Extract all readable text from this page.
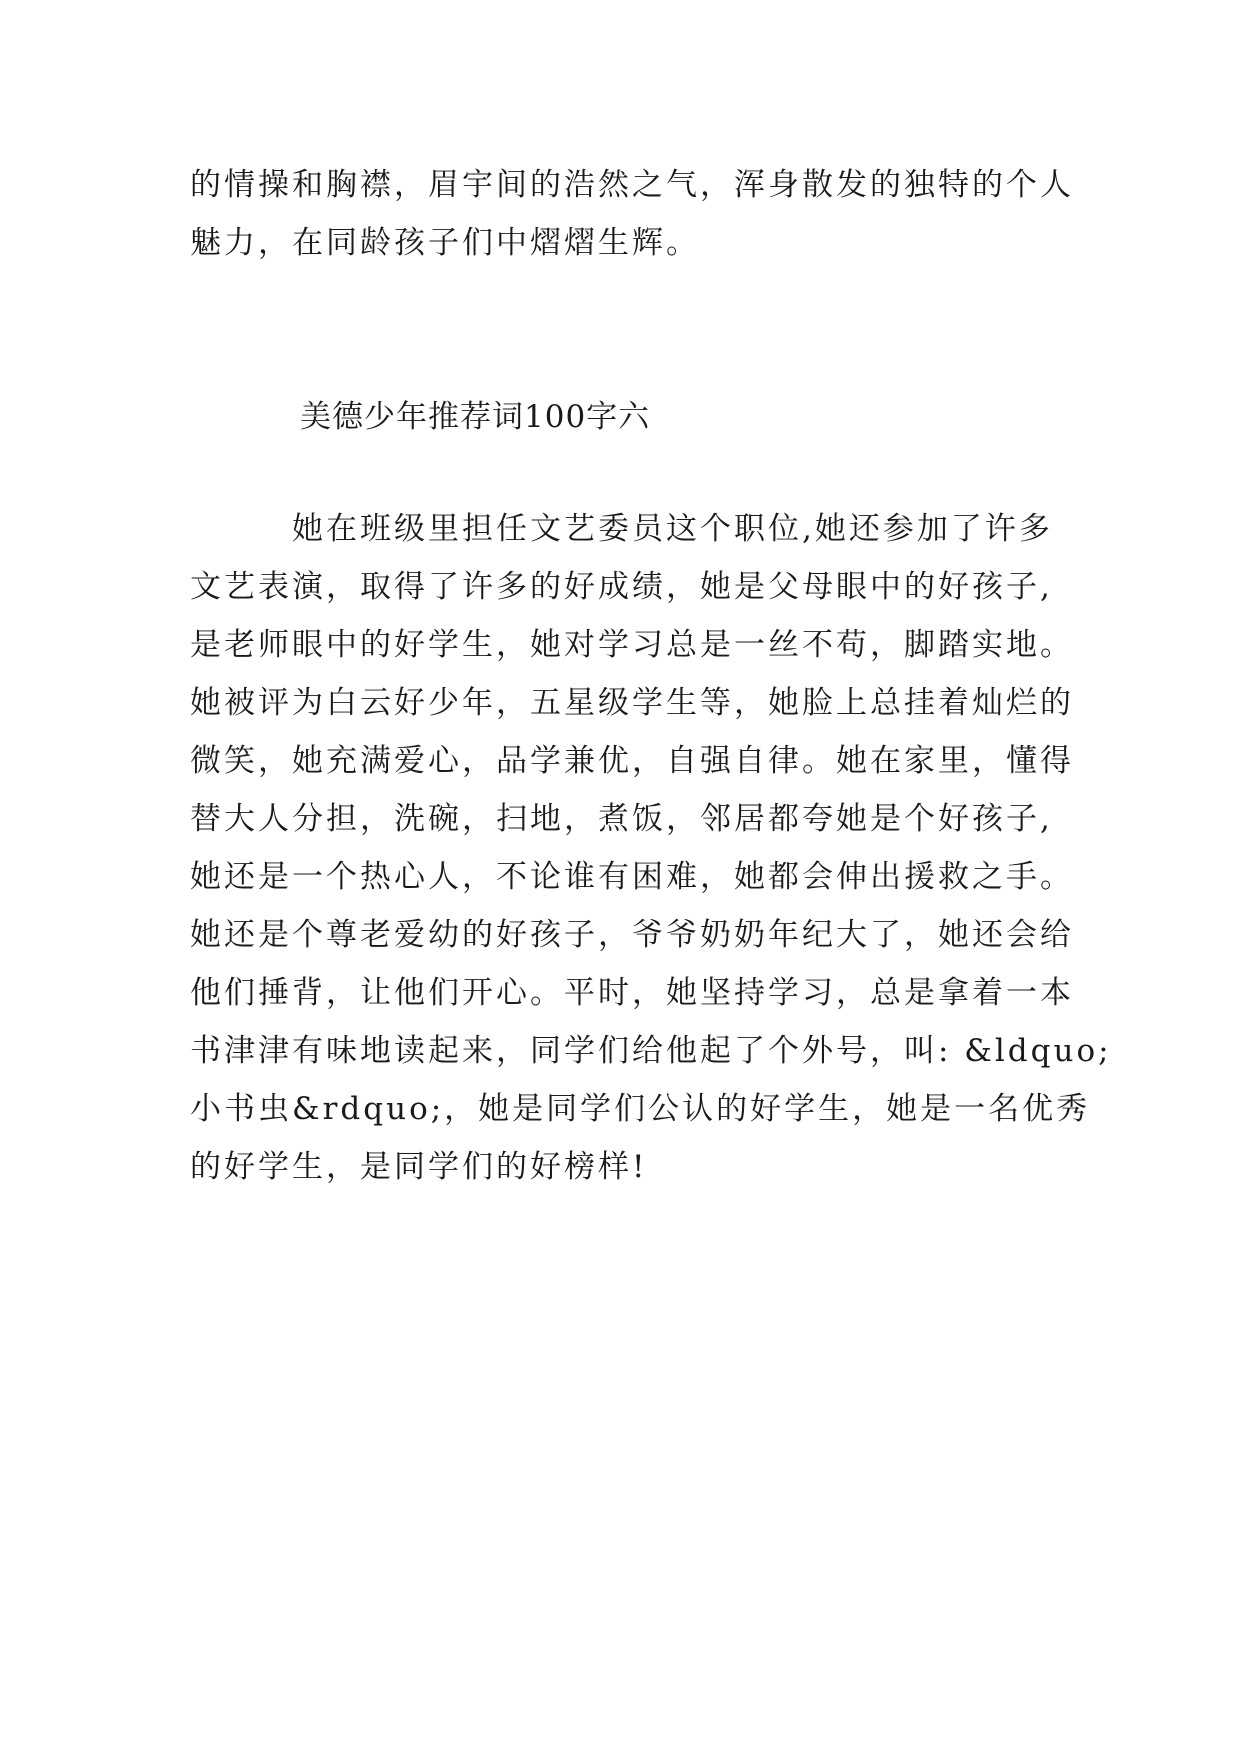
的情操和胸襟，眉宇间的浩然之气，浑身散发的独特的个人
魅力，在同龄孩子们中熠熠生辉。
美德少年推荐词100字六
　　　她在班级里担任文艺委员这个职位,她还参加了许多
文艺表演，取得了许多的好成绩，她是父母眼中的好孩子,
是老师眼中的好学生，她对学习总是一丝不苟，脚踏实地。
她被评为白云好少年，五星级学生等，她脸上总挂着灿烂的
微笑，她充满爱心，品学兼优，自强自律。她在家里，懂得
替大人分担，洗碗，扫地，煮饭，邻居都夸她是个好孩子,
她还是一个热心人，不论谁有困难，她都会伸出援救之手。
她还是个尊老爱幼的好孩子，爷爷奶奶年纪大了，她还会给
他们捶背，让他们开心。平时，她坚持学习，总是拿着一本
书津津有味地读起来，同学们给他起了个外号，叫: &ldquo;
小书虫&rdquo;，她是同学们公认的好学生，她是一名优秀
的好学生，是同学们的好榜样!
